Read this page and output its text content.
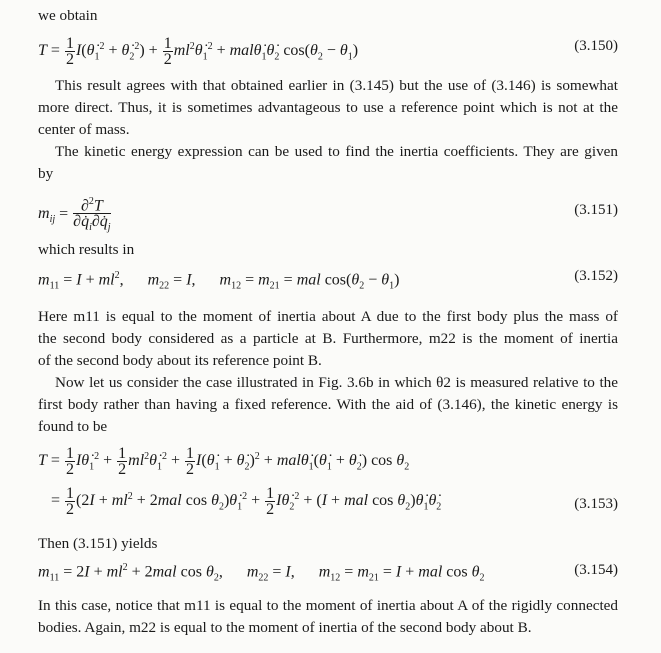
we obtain
$T = \frac{1}{2}$ $I(\thetȧ_1^2$ + $\thetȧ_2^2) + \frac{1}{2}$ $ml^2\thetȧ_1^2$ + $mal\thetȧ_1\thetȧ_2$ $\cos(\theta_2 - \theta_1)$	(3.150)
This result agrees with that obtained earlier in (3.145) but the use of (3.146) is somewhat
more direct. Thus, it is sometimes advantageous to use a reference point which is not at the
center of mass.
The kinetic energy expression can be used to find the inertia coefficients. They are given
by
$m_{ij} = \frac{\partial^2T}{\partial q̇_i\partial q̇_j}$	(3.151)
which results in
$m_{11} = I + ml^2$,      $m_{22} = I$,      $m_{12} = m_{21}$ = mal $\cos(\theta_2 - \theta_1)$	(3.152)
Here m11 is equal to the moment of inertia about A due to the first body plus the mass of
the second body considered as a particle at B. Furthermore, m22 is the moment of inertia
of the second body about its reference point B.
Now let us consider the case illustrated in Fig. 3.6b in which θ2 is measured relative to the
first body rather than having a fixed reference. With the aid of (3.146), the kinetic energy is
found to be
$T = \frac{1}{2}$ $I\thetȧ_1^2 + \frac{1}{2}$ $ml^2\thetȧ_1^2 + \frac{1}{2}$ $I(\thetȧ_1$ + $\thetȧ_2)^2$ + $mal\thetȧ_1(\thetȧ_1$ + $\thetȧ_2$) $\cos \theta_2$
= $\frac{1}{2} (2I + ml^2 + 2mal$ $\cos \theta_2)\thetȧ_1^2 + \frac{1}{2}$ $I\thetȧ_2^2 + (I$ + mal $\cos \theta_2)\thetȧ_1\thetȧ_2$	(3.153)
Then (3.151) yields
$m_{11} = 2I + ml^2 + 2mal$ $\cos \theta_2$,      $m_{22} = I$,      $m_{12} = m_{21} = I$ + mal $\cos \theta_2$
(3.154)
In this case, notice that m11 is equal to the moment of inertia about A of the rigidly connected
bodies. Again, m22 is equal to the moment of inertia of the second body about B.
